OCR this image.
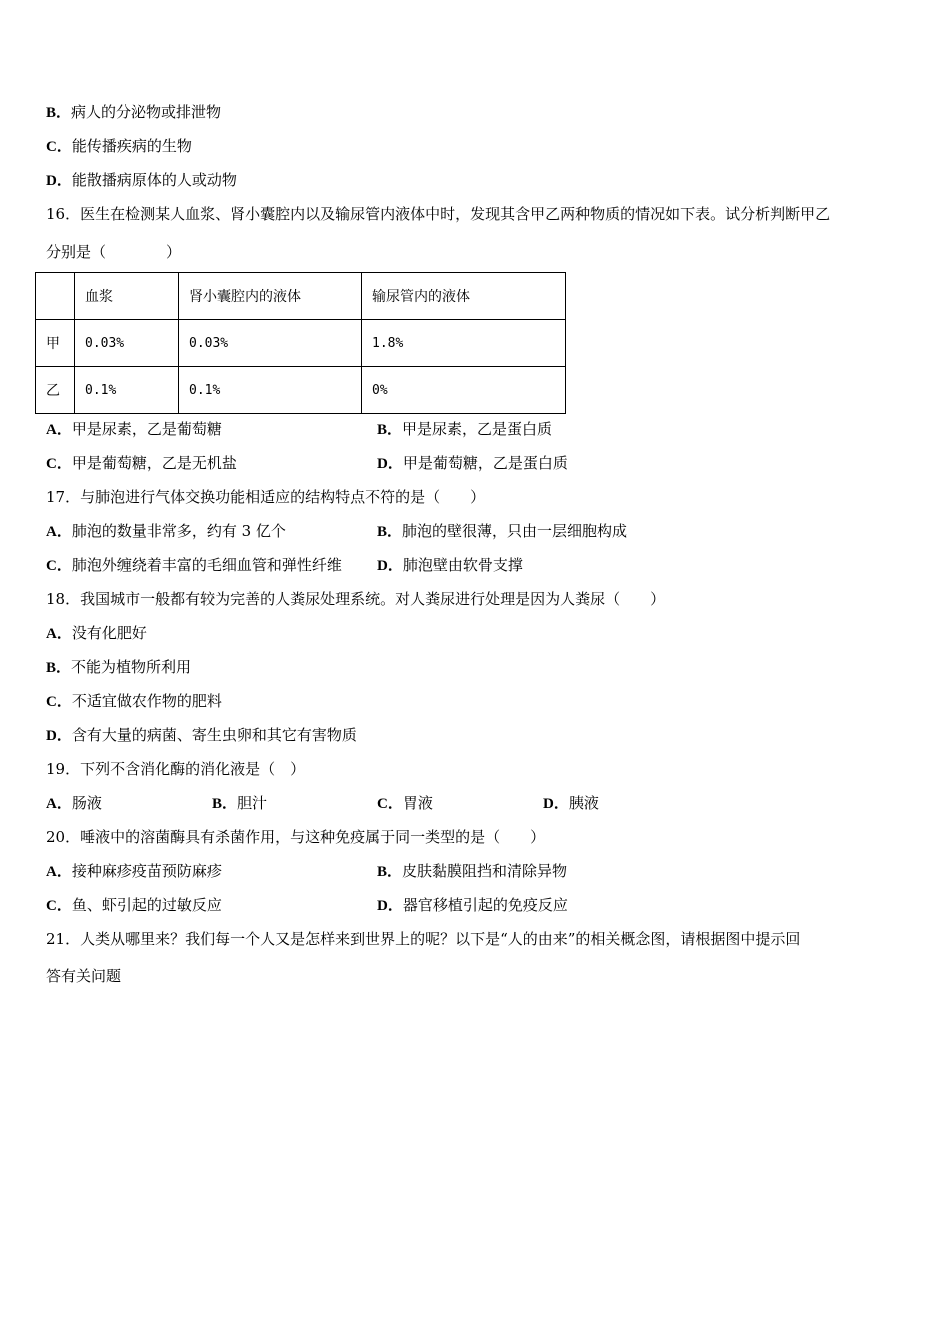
B．病人的分泌物或排泄物
C．能传播疾病的生物
D．能散播病原体的人或动物
16．医生在检测某人血浆、肾小囊腔内以及输尿管内液体中时，发现其含甲乙两种物质的情况如下表。试分析判断甲乙
分别是（　　　　）
	血浆	肾小囊腔内的液体	输尿管内的液体
甲	0.03%	0.03%	1.8%
乙	0.1%	0.1%	0%
A．甲是尿素，乙是葡萄糖	B．甲是尿素，乙是蛋白质
C．甲是葡萄糖，乙是无机盐	D．甲是葡萄糖，乙是蛋白质
17．与肺泡进行气体交换功能相适应的结构特点不符的是（　　）
A．肺泡的数量非常多，约有 3 亿个	B．肺泡的壁很薄，只由一层细胞构成
C．肺泡外缠绕着丰富的毛细血管和弹性纤维 D．肺泡壁由软骨支撑
18．我国城市一般都有较为完善的人粪尿处理系统。对人粪尿进行处理是因为人粪尿（　　）
A．没有化肥好
B．不能为植物所利用
C．不适宜做农作物的肥料
D．含有大量的病菌、寄生虫卵和其它有害物质
19．下列不含消化酶的消化液是（　）
A．肠液	B．胆汁	C．胃液	D．胰液
20．唾液中的溶菌酶具有杀菌作用，与这种免疫属于同一类型的是（　　）
A．接种麻疹疫苗预防麻疹	B．皮肤黏膜阻挡和清除异物
C．鱼、虾引起的过敏反应	D．器官移植引起的免疫反应
21．人类从哪里来？我们每一个人又是怎样来到世界上的呢？以下是“人的由来”的相关概念图，请根据图中提示回
答有关问题
